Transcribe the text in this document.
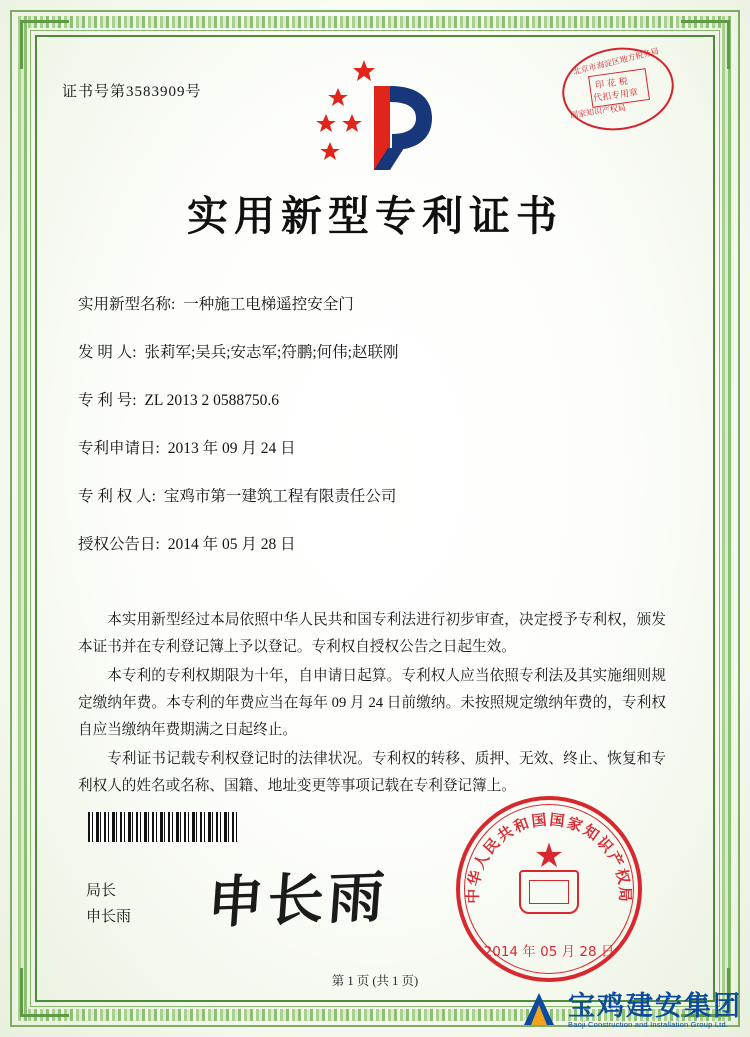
证书号第3583909号
北京市海淀区地方税务局
印 花 税
代扣专用章
国家知识产权局
实用新型专利证书
实用新型名称: 一种施工电梯遥控安全门
发 明 人: 张莉军;吴兵;安志军;符鹏;何伟;赵联刚
专 利 号: ZL 2013 2 0588750.6
专利申请日: 2013 年 09 月 24 日
专 利 权 人: 宝鸡市第一建筑工程有限责任公司
授权公告日: 2014 年 05 月 28 日

本实用新型经过本局依照中华人民共和国专利法进行初步审查，决定授予专利权，颁发本证书并在专利登记簿上予以登记。专利权自授权公告之日起生效。

本专利的专利权期限为十年，自申请日起算。专利权人应当依照专利法及其实施细则规定缴纳年费。本专利的年费应当在每年 09 月 24 日前缴纳。未按照规定缴纳年费的，专利权自应当缴纳年费期满之日起终止。

专利证书记载专利权登记时的法律状况。专利权的转移、质押、无效、终止、恢复和专利权人的姓名或名称、国籍、地址变更等事项记载在专利登记簿上。

局长
申长雨 申长雨	中华人民共和国国家知识产权局
★
2014 年 05 月 28 日
第 1 页 (共 1 页)
宝鸡建安集团
Baoji Construction and Installation Group Ltd.
